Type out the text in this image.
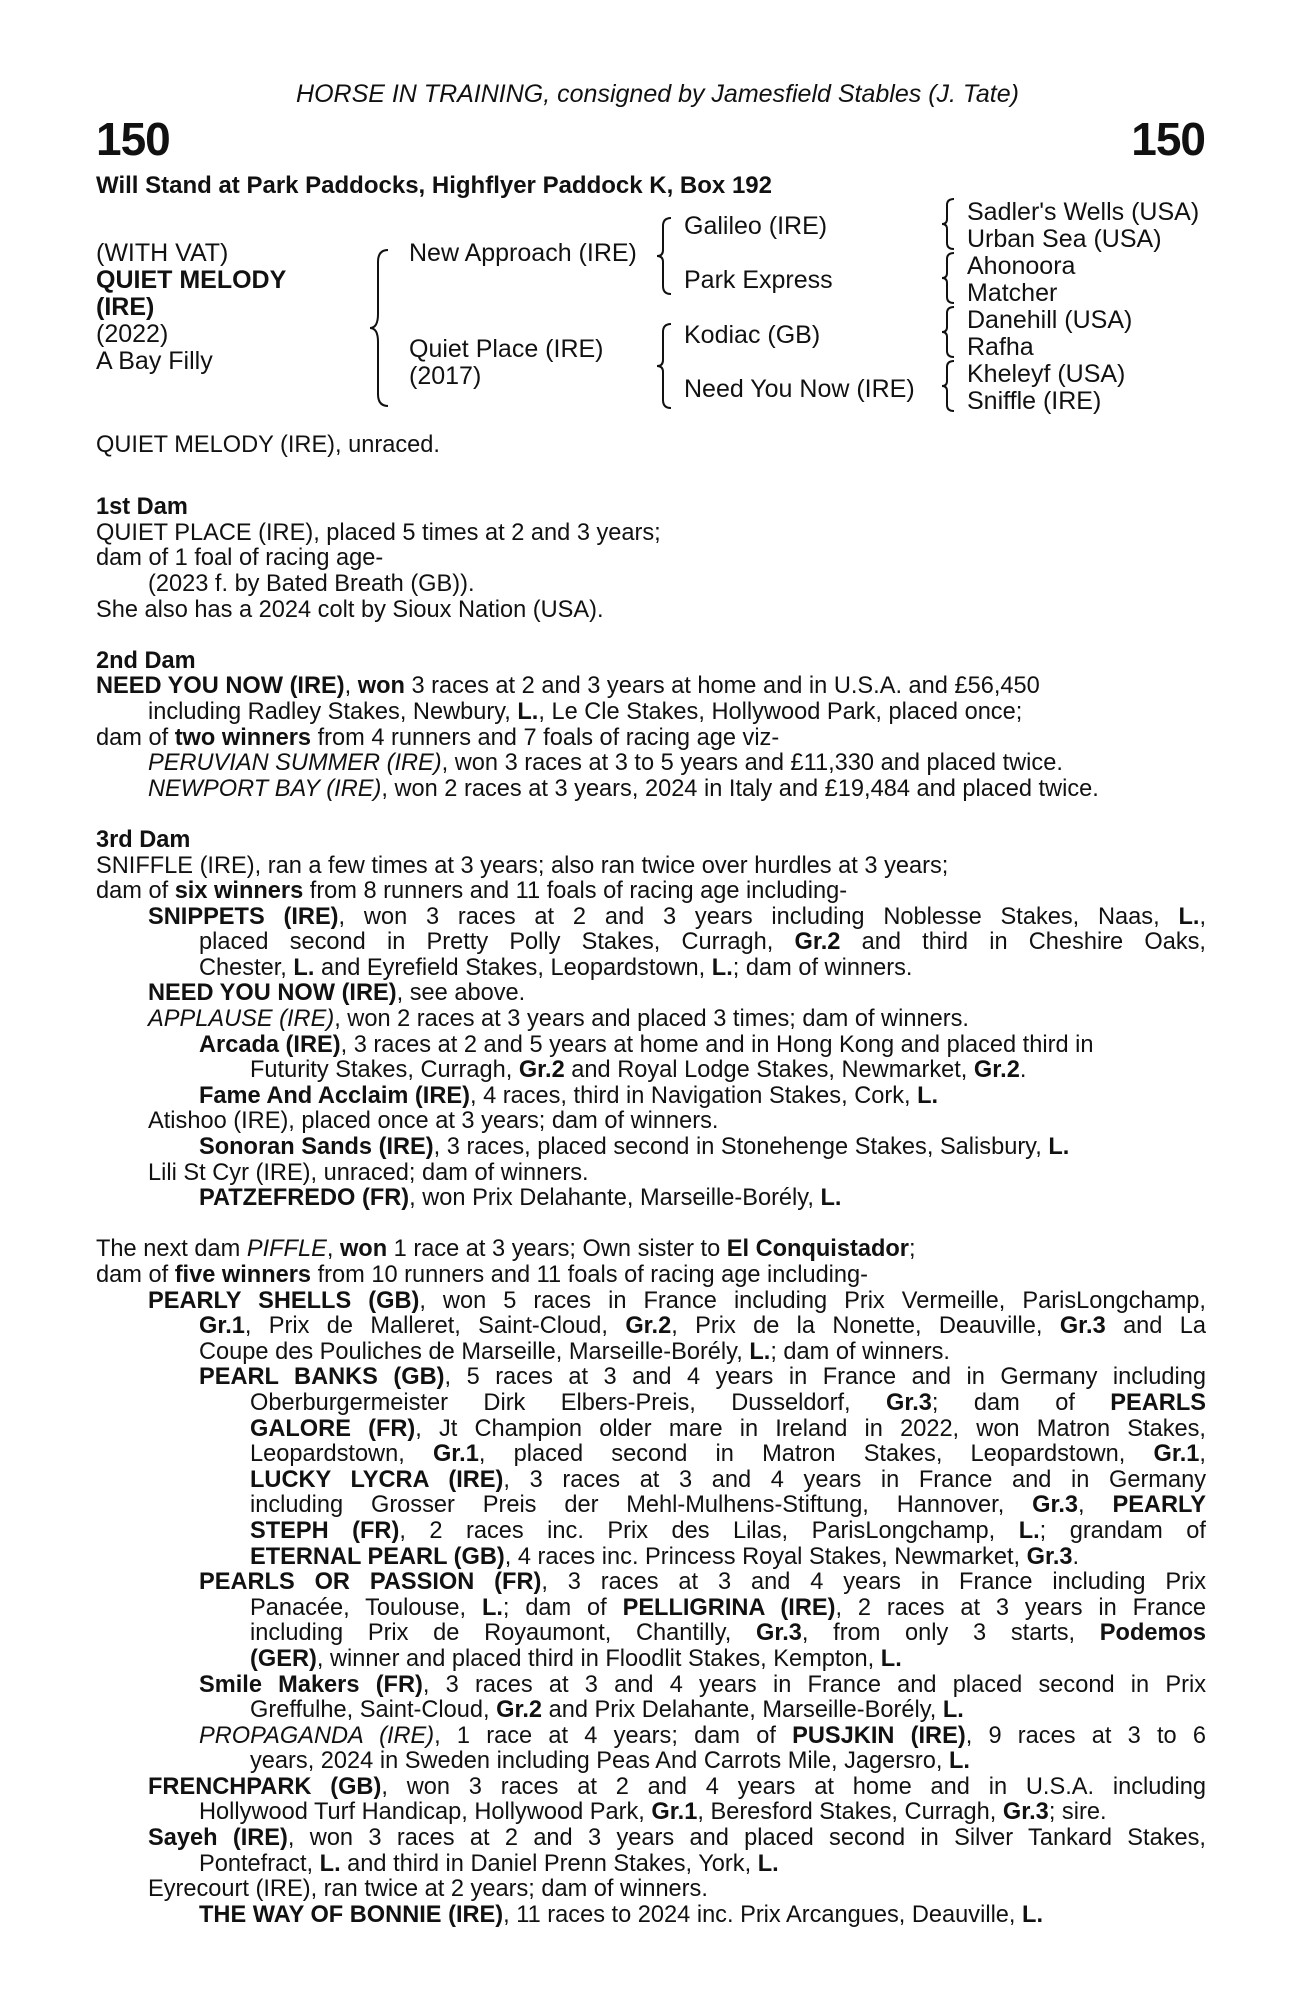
HORSE IN TRAINING, consigned by Jamesfield Stables (J. Tate)
150	150
Will Stand at Park Paddocks, Highflyer Paddock K, Box 192
(WITH VAT)
QUIET MELODY
(IRE)
(2022)
A Bay Filly
New Approach (IRE)
Quiet Place (IRE)
(2017)
Galileo (IRE)
Park Express
Kodiac (GB)
Need You Now (IRE)
Sadler's Wells (USA)
Urban Sea (USA)
Ahonoora
Matcher
Danehill (USA)
Rafha
Kheleyf (USA)
Sniffle (IRE)
QUIET MELODY (IRE), unraced.
1st Dam
QUIET PLACE (IRE), placed 5 times at 2 and 3 years;
dam of 1 foal of racing age-
(2023 f. by Bated Breath (GB)).
She also has a 2024 colt by Sioux Nation (USA).
2nd Dam
NEED YOU NOW (IRE), won 3 races at 2 and 3 years at home and in U.S.A. and £56,450
including Radley Stakes, Newbury, L., Le Cle Stakes, Hollywood Park, placed once;
dam of two winners from 4 runners and 7 foals of racing age viz-
PERUVIAN SUMMER (IRE), won 3 races at 3 to 5 years and £11,330 and placed twice.
NEWPORT BAY (IRE), won 2 races at 3 years, 2024 in Italy and £19,484 and placed twice.
3rd Dam
SNIFFLE (IRE), ran a few times at 3 years; also ran twice over hurdles at 3 years;
dam of six winners from 8 runners and 11 foals of racing age including-
SNIPPETS (IRE), won 3 races at 2 and 3 years including Noblesse Stakes, Naas, L.,
placed second in Pretty Polly Stakes, Curragh, Gr.2 and third in Cheshire Oaks,
Chester, L. and Eyrefield Stakes, Leopardstown, L.; dam of winners.
NEED YOU NOW (IRE), see above.
APPLAUSE (IRE), won 2 races at 3 years and placed 3 times; dam of winners.
Arcada (IRE), 3 races at 2 and 5 years at home and in Hong Kong and placed third in
Futurity Stakes, Curragh, Gr.2 and Royal Lodge Stakes, Newmarket, Gr.2.
Fame And Acclaim (IRE), 4 races, third in Navigation Stakes, Cork, L.
Atishoo (IRE), placed once at 3 years; dam of winners.
Sonoran Sands (IRE), 3 races, placed second in Stonehenge Stakes, Salisbury, L.
Lili St Cyr (IRE), unraced; dam of winners.
PATZEFREDO (FR), won Prix Delahante, Marseille-Borély, L.
The next dam PIFFLE, won 1 race at 3 years; Own sister to El Conquistador;
dam of five winners from 10 runners and 11 foals of racing age including-
PEARLY SHELLS (GB), won 5 races in France including Prix Vermeille, ParisLongchamp,
Gr.1, Prix de Malleret, Saint-Cloud, Gr.2, Prix de la Nonette, Deauville, Gr.3 and La
Coupe des Pouliches de Marseille, Marseille-Borély, L.; dam of winners.
PEARL BANKS (GB), 5 races at 3 and 4 years in France and in Germany including
Oberburgermeister Dirk Elbers-Preis, Dusseldorf, Gr.3; dam of PEARLS
GALORE (FR), Jt Champion older mare in Ireland in 2022, won Matron Stakes,
Leopardstown, Gr.1, placed second in Matron Stakes, Leopardstown, Gr.1,
LUCKY LYCRA (IRE), 3 races at 3 and 4 years in France and in Germany
including Grosser Preis der Mehl-Mulhens-Stiftung, Hannover, Gr.3, PEARLY
STEPH (FR), 2 races inc. Prix des Lilas, ParisLongchamp, L.; grandam of
ETERNAL PEARL (GB), 4 races inc. Princess Royal Stakes, Newmarket, Gr.3.
PEARLS OR PASSION (FR), 3 races at 3 and 4 years in France including Prix
Panacée, Toulouse, L.; dam of PELLIGRINA (IRE), 2 races at 3 years in France
including Prix de Royaumont, Chantilly, Gr.3, from only 3 starts, Podemos
(GER), winner and placed third in Floodlit Stakes, Kempton, L.
Smile Makers (FR), 3 races at 3 and 4 years in France and placed second in Prix
Greffulhe, Saint-Cloud, Gr.2 and Prix Delahante, Marseille-Borély, L.
PROPAGANDA (IRE), 1 race at 4 years; dam of PUSJKIN (IRE), 9 races at 3 to 6
years, 2024 in Sweden including Peas And Carrots Mile, Jagersro, L.
FRENCHPARK (GB), won 3 races at 2 and 4 years at home and in U.S.A. including
Hollywood Turf Handicap, Hollywood Park, Gr.1, Beresford Stakes, Curragh, Gr.3; sire.
Sayeh (IRE), won 3 races at 2 and 3 years and placed second in Silver Tankard Stakes,
Pontefract, L. and third in Daniel Prenn Stakes, York, L.
Eyrecourt (IRE), ran twice at 2 years; dam of winners.
THE WAY OF BONNIE (IRE), 11 races to 2024 inc. Prix Arcangues, Deauville, L.
